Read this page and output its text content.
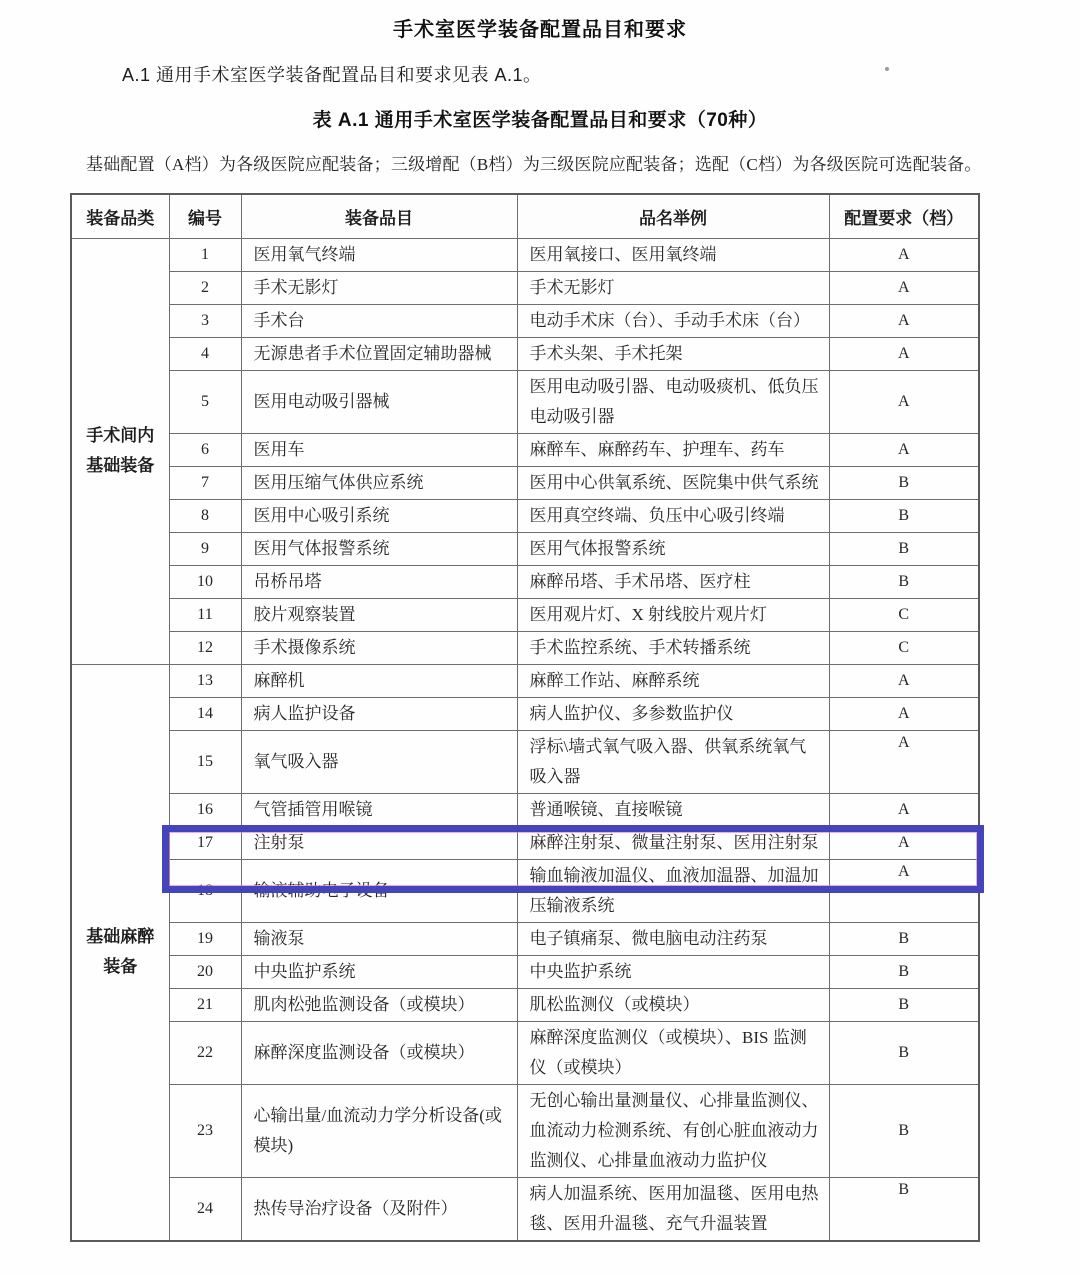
手术室医学装备配置品目和要求
A.1 通用手术室医学装备配置品目和要求见表 A.1。
表 A.1 通用手术室医学装备配置品目和要求（70种）
基础配置（A档）为各级医院应配装备；三级增配（B档）为三级医院应配装备；选配（C档）为各级医院可选配装备。
装备品类	编号	装备品目	品名举例	配置要求（档）
手术间内
基础装备	1	医用氧气终端	医用氧接口、医用氧终端	A
	2	手术无影灯	手术无影灯	A
	3	手术台	电动手术床（台）、手动手术床（台）	A
	4	无源患者手术位置固定辅助器械	手术头架、手术托架	A
	5	医用电动吸引器械	医用电动吸引器、电动吸痰机、低负压电动吸引器	A
	6	医用车	麻醉车、麻醉药车、护理车、药车	A
	7	医用压缩气体供应系统	医用中心供氧系统、医院集中供气系统	B
	8	医用中心吸引系统	医用真空终端、负压中心吸引终端	B
	9	医用气体报警系统	医用气体报警系统	B
	10	吊桥吊塔	麻醉吊塔、手术吊塔、医疗柱	B
	11	胶片观察装置	医用观片灯、X 射线胶片观片灯	C
	12	手术摄像系统	手术监控系统、手术转播系统	C
基础麻醉
装备	13	麻醉机	麻醉工作站、麻醉系统	A
	14	病人监护设备	病人监护仪、多参数监护仪	A
	15	氧气吸入器	浮标\墙式氧气吸入器、供氧系统氧气吸入器	A
	16	气管插管用喉镜	普通喉镜、直接喉镜	A
	17	注射泵	麻醉注射泵、微量注射泵、医用注射泵	A
	18	输液辅助电子设备	输血输液加温仪、血液加温器、加温加压输液系统	A
	19	输液泵	电子镇痛泵、微电脑电动注药泵	B
	20	中央监护系统	中央监护系统	B
	21	肌肉松弛监测设备（或模块）	肌松监测仪（或模块）	B
	22	麻醉深度监测设备（或模块）	麻醉深度监测仪（或模块）、BIS 监测仪（或模块）	B
	23	心输出量/血流动力学分析设备(或模块)	无创心输出量测量仪、心排量监测仪、血流动力检测系统、有创心脏血液动力监测仪、心排量血液动力监护仪	B
	24	热传导治疗设备（及附件）	病人加温系统、医用加温毯、医用电热毯、医用升温毯、充气升温装置	B
